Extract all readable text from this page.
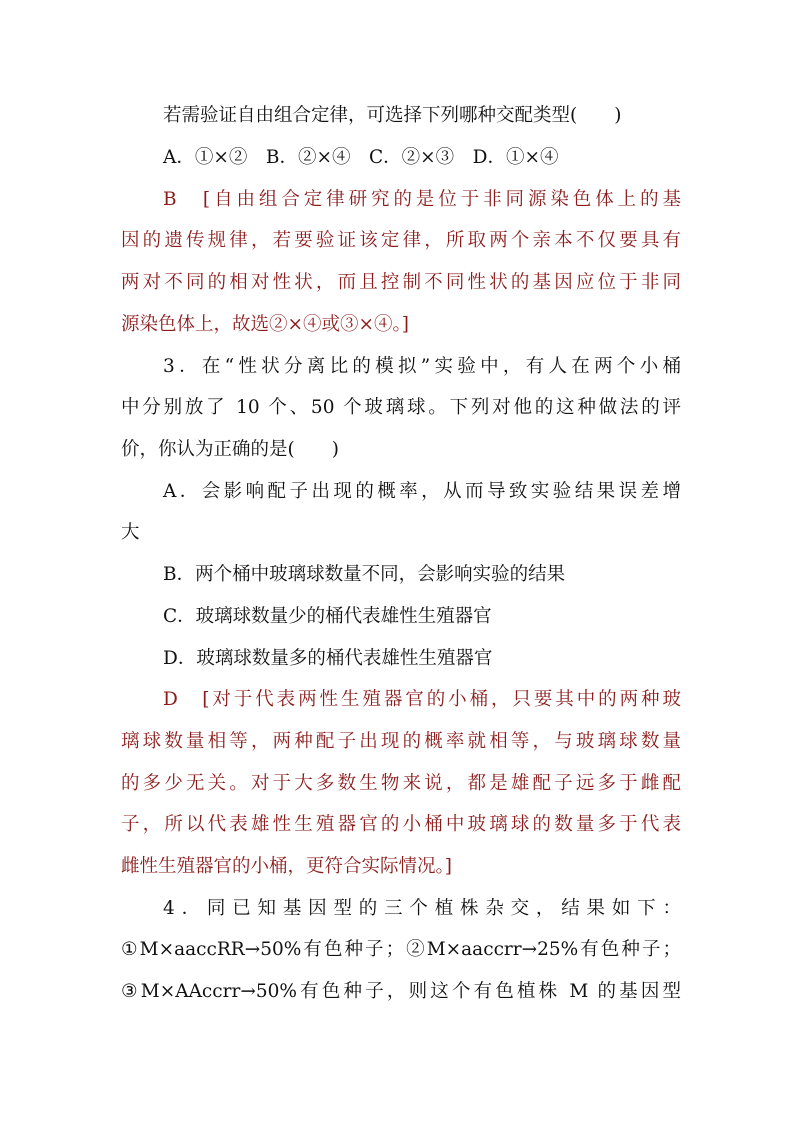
若需验证自由组合定律，可选择下列哪种交配类型(　　)
A．①×②　B．②×④　C．②×③　D．①×④
B　[自由组合定律研究的是位于非同源染色体上的基
因的遗传规律，若要验证该定律，所取两个亲本不仅要具有
两对不同的相对性状，而且控制不同性状的基因应位于非同
源染色体上，故选②×④或③×④。]
3．在“性状分离比的模拟”实验中，有人在两个小桶
中分别放了 10 个、50 个玻璃球。下列对他的这种做法的评
价，你认为正确的是(　　)
A．会影响配子出现的概率，从而导致实验结果误差增
大
B．两个桶中玻璃球数量不同，会影响实验的结果
C．玻璃球数量少的桶代表雄性生殖器官
D．玻璃球数量多的桶代表雄性生殖器官
D　[对于代表两性生殖器官的小桶，只要其中的两种玻
璃球数量相等，两种配子出现的概率就相等，与玻璃球数量
的多少无关。对于大多数生物来说，都是雄配子远多于雌配
子，所以代表雄性生殖器官的小桶中玻璃球的数量多于代表
雌性生殖器官的小桶，更符合实际情况。]
4．同已知基因型的三个植株杂交，结果如下：
①M×aaccRR→50%有色种子；②M×aaccrr→25%有色种子；
③M×AAccrr→50%有色种子，则这个有色植株 M 的基因型
